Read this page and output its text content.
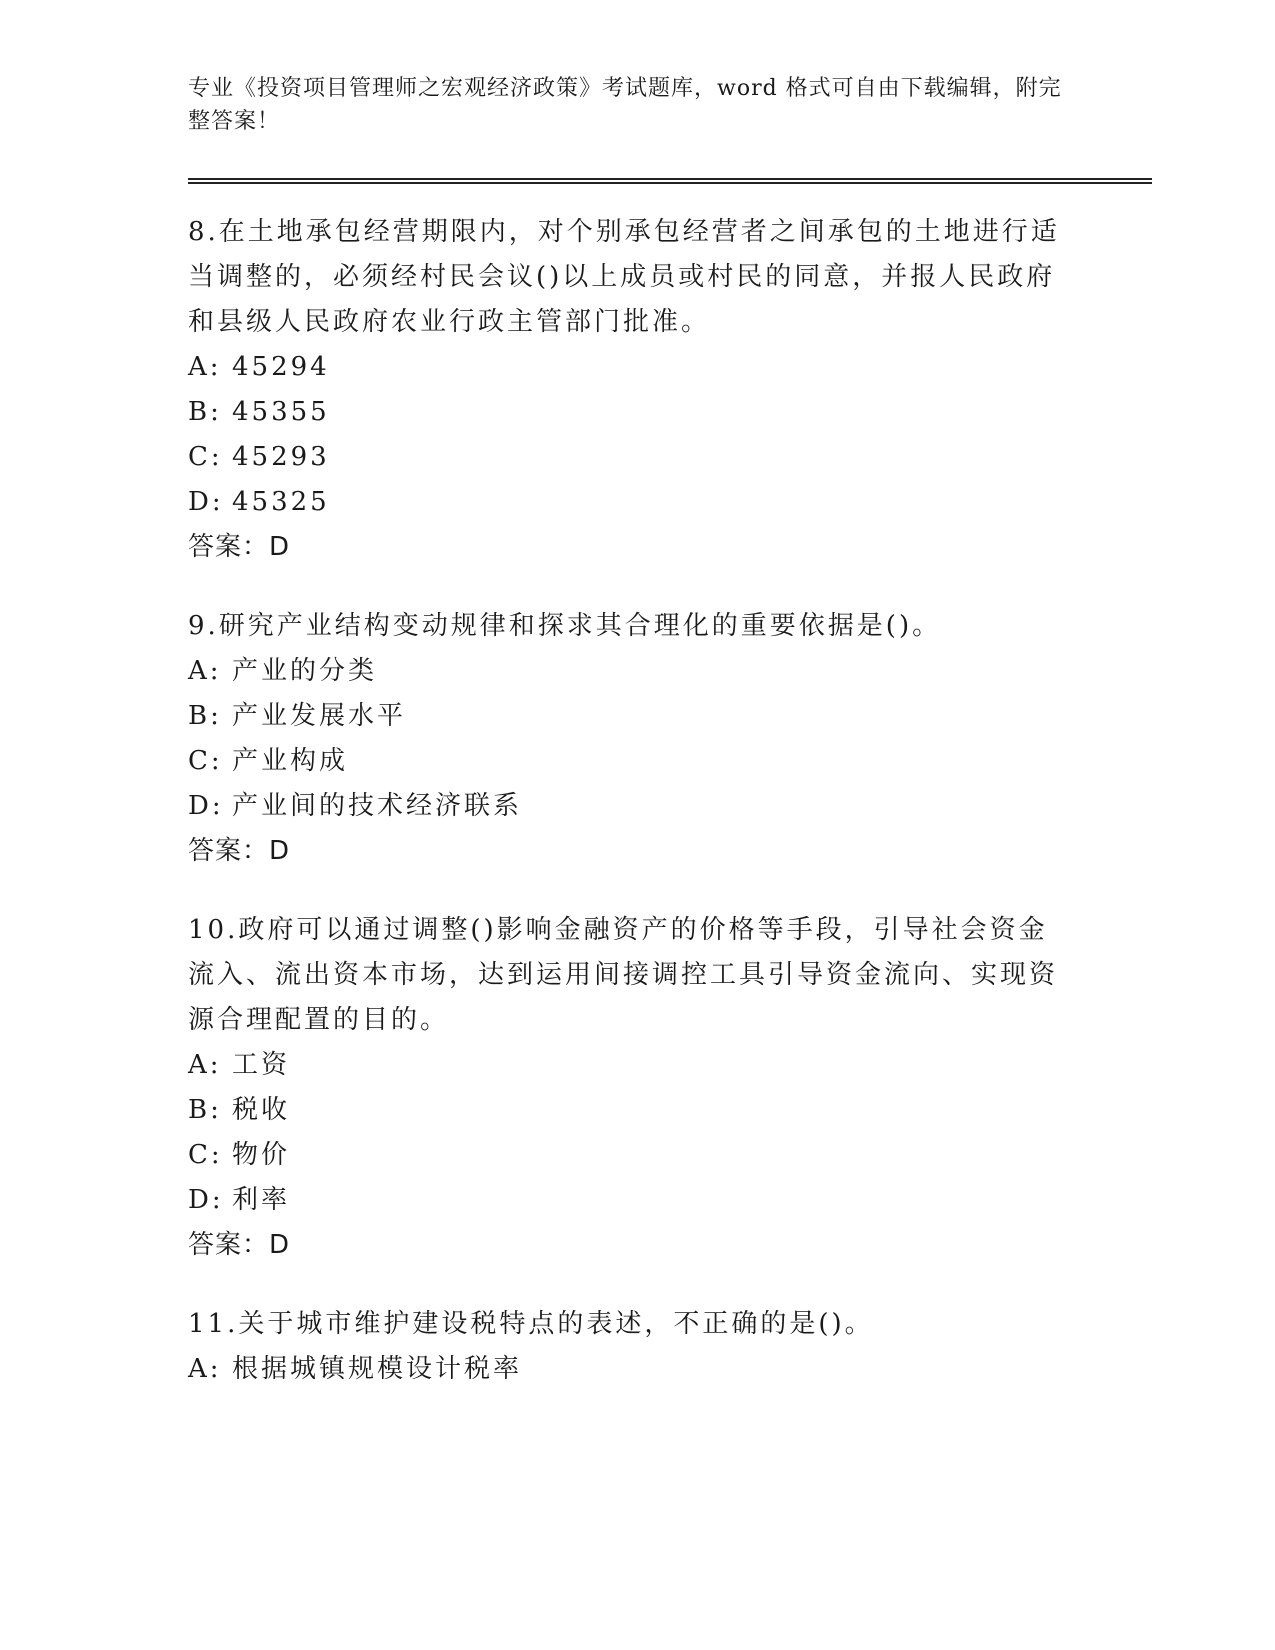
专业《投资项目管理师之宏观经济政策》考试题库，word 格式可自由下载编辑，附完整答案！
8.在土地承包经营期限内，对个别承包经营者之间承包的土地进行适当调整的，必须经村民会议()以上成员或村民的同意，并报人民政府和县级人民政府农业行政主管部门批准。
A: 45294
B: 45355
C: 45293
D: 45325
答案：D
9.研究产业结构变动规律和探求其合理化的重要依据是()。
A: 产业的分类
B: 产业发展水平
C: 产业构成
D: 产业间的技术经济联系
答案：D
10.政府可以通过调整()影响金融资产的价格等手段，引导社会资金流入、流出资本市场，达到运用间接调控工具引导资金流向、实现资源合理配置的目的。
A: 工资
B: 税收
C: 物价
D: 利率
答案：D
11.关于城市维护建设税特点的表述，不正确的是()。
A: 根据城镇规模设计税率
